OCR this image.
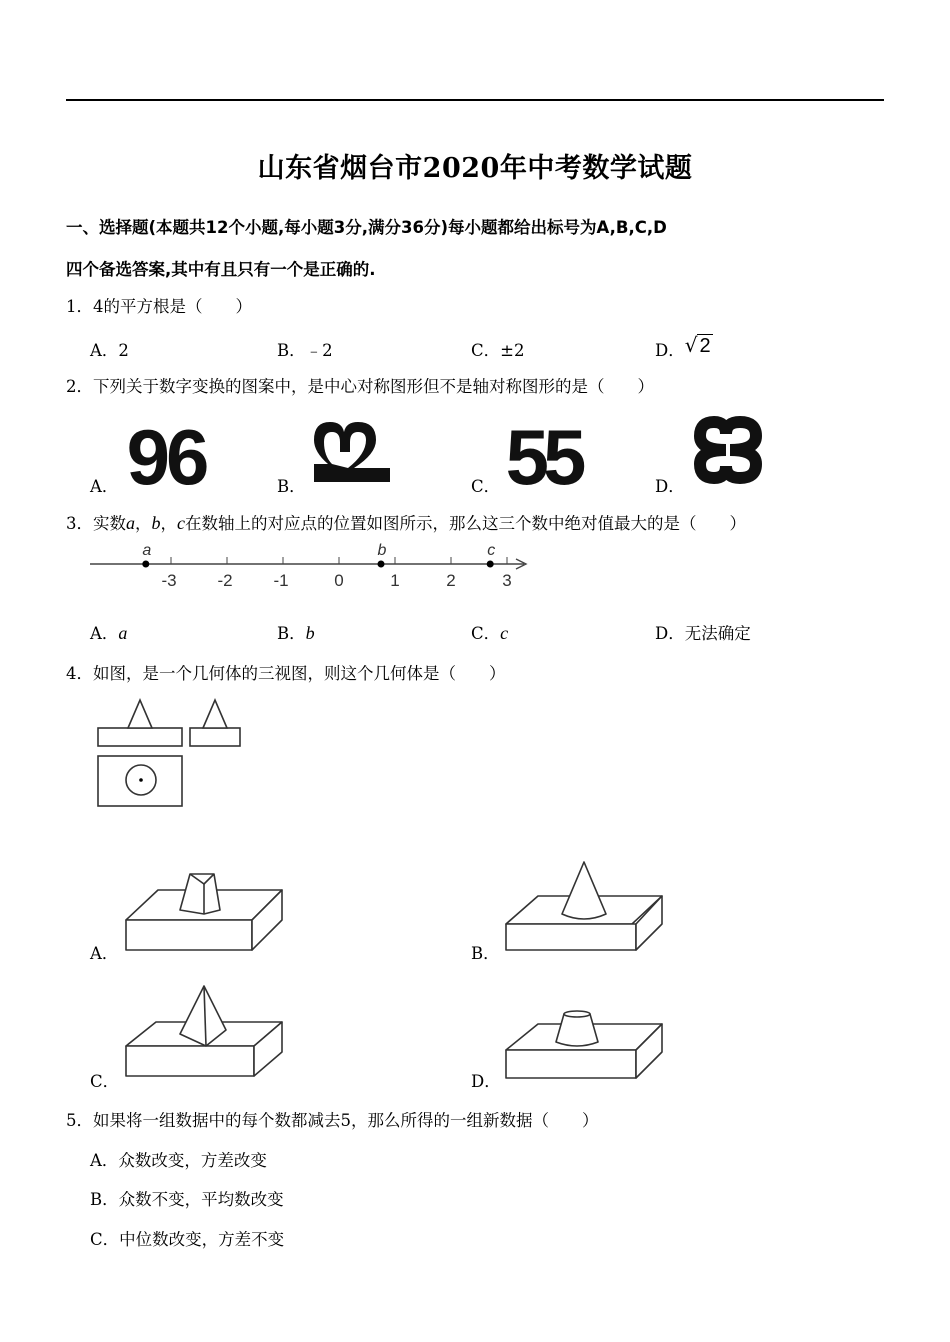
山东省烟台市2020年中考数学试题
一、选择题(本题共12个小题,每小题3分,满分36分)每小题都给出标号为A,B,C,D
四个备选答案,其中有且只有一个是正确的.
1．4的平方根是（　　）
A．2	B．﹣2	C．±2	D．√ 2
2．下列关于数字变换的图案中，是中心对称图形但不是轴对称图形的是（　　）
A．	B．	C．	D．
96	55
3．实数a，b，c在数轴上的对应点的位置如图所示，那么这三个数中绝对值最大的是（　　）
-3 -2 -1	0	1	2	3
a	b	c
A．a	B．b	C．c	D．无法确定
4．如图，是一个几何体的三视图，则这个几何体是（　　）
A．	B．
C．	D．
5．如果将一组数据中的每个数都减去5，那么所得的一组新数据（　　）
A．众数改变，方差改变
B．众数不变，平均数改变
C．中位数改变，方差不变
